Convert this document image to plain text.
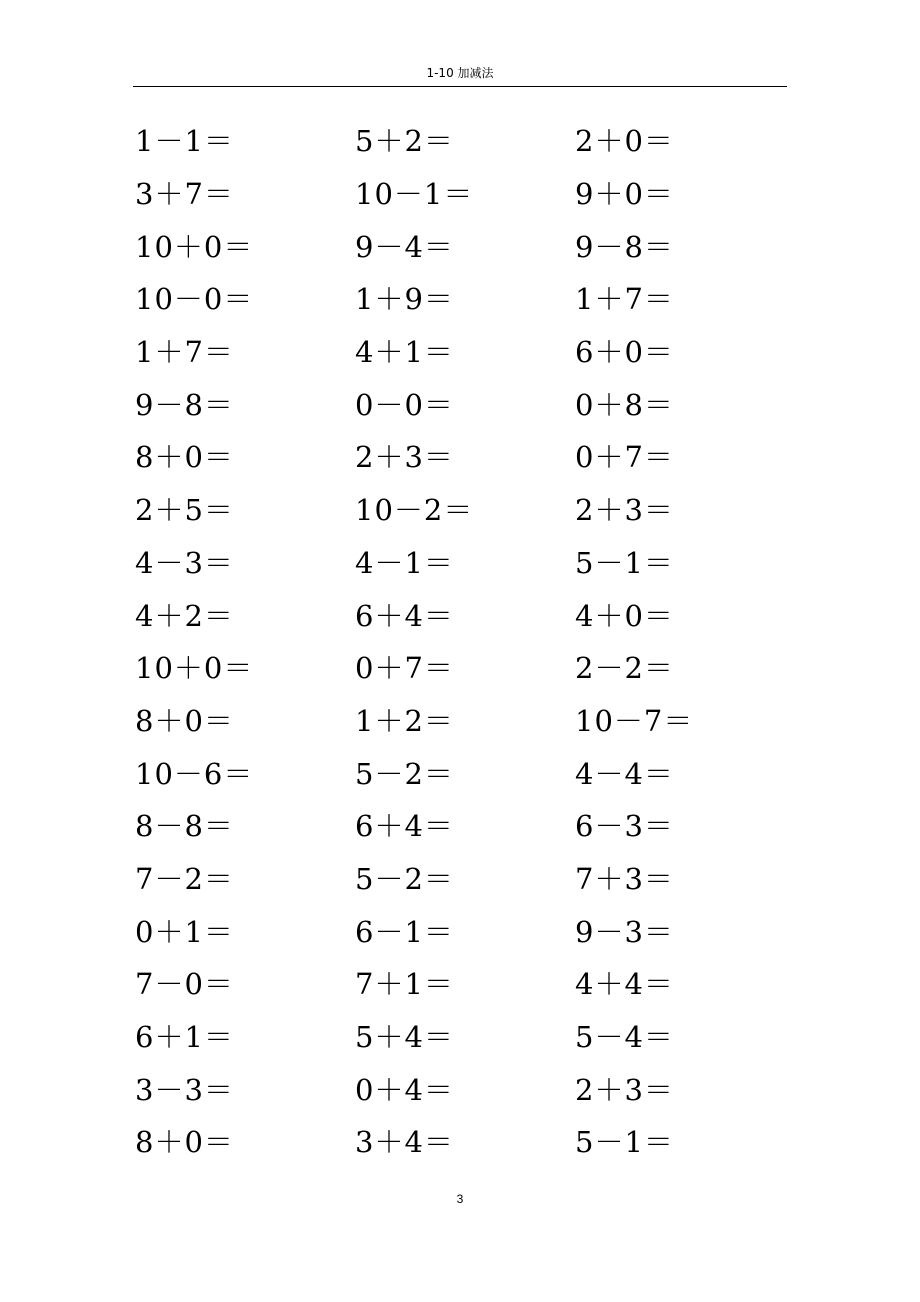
1-10 加减法
1－1＝	5＋2＝	2＋0＝
3＋7＝	10－1＝	9＋0＝
10＋0＝	9－4＝	9－8＝
10－0＝	1＋9＝	1＋7＝
1＋7＝	4＋1＝	6＋0＝
9－8＝	0－0＝	0＋8＝
8＋0＝	2＋3＝	0＋7＝
2＋5＝	10－2＝	2＋3＝
4－3＝	4－1＝	5－1＝
4＋2＝	6＋4＝	4＋0＝
10＋0＝	0＋7＝	2－2＝
8＋0＝	1＋2＝	10－7＝
10－6＝	5－2＝	4－4＝
8－8＝	6＋4＝	6－3＝
7－2＝	5－2＝	7＋3＝
0＋1＝	6－1＝	9－3＝
7－0＝	7＋1＝	4＋4＝
6＋1＝	5＋4＝	5－4＝
3－3＝	0＋4＝	2＋3＝
8＋0＝	3＋4＝	5－1＝
3
